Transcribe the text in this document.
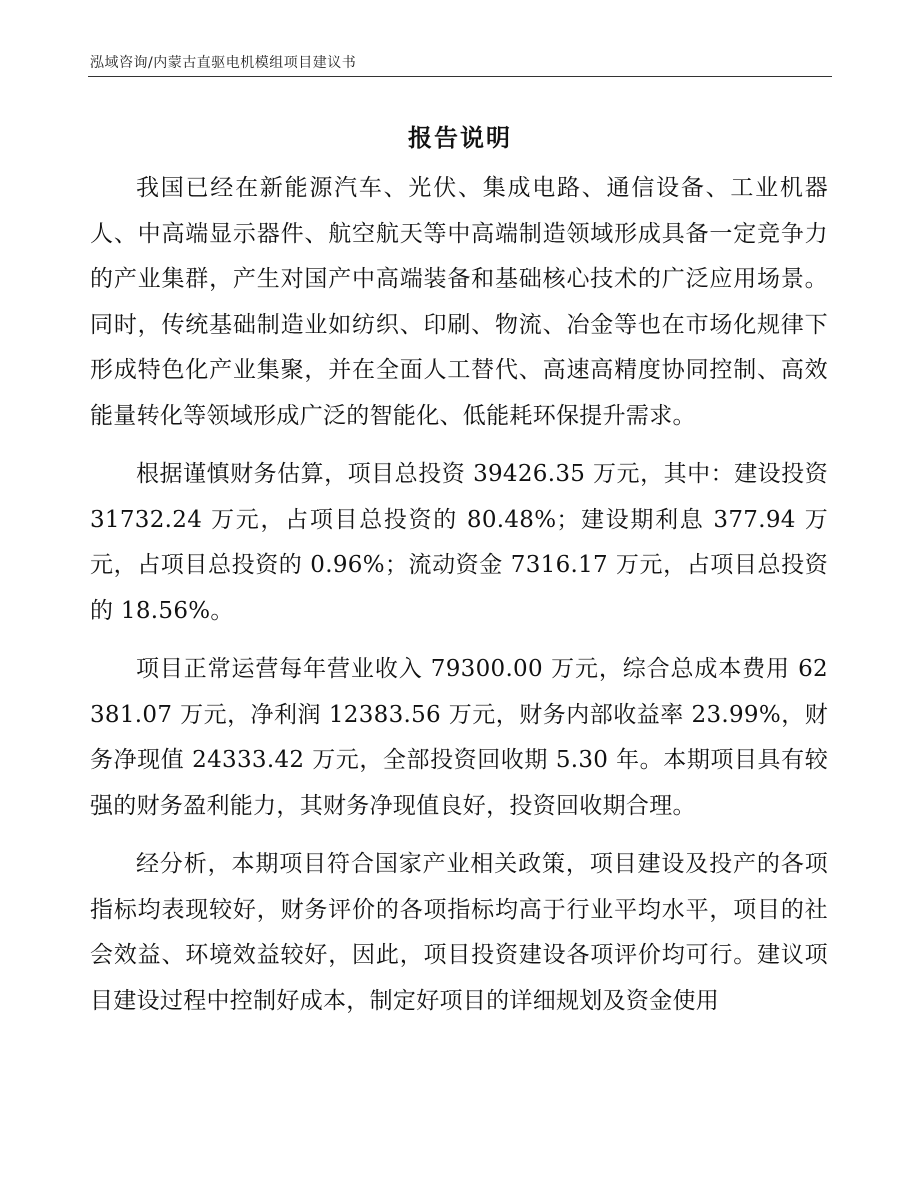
泓域咨询/内蒙古直驱电机模组项目建议书
报告说明

我国已经在新能源汽车、光伏、集成电路、通信设备、工业机器人、中高端显示器件、航空航天等中高端制造领域形成具备一定竞争力的产业集群，产生对国产中高端装备和基础核心技术的广泛应用场景。同时，传统基础制造业如纺织、印刷、物流、冶金等也在市场化规律下形成特色化产业集聚，并在全面人工替代、高速高精度协同控制、高效能量转化等领域形成广泛的智能化、低能耗环保提升需求。

根据谨慎财务估算，项目总投资 39426.35 万元，其中：建设投资 31732.24 万元，占项目总投资的 80.48%；建设期利息 377.94 万元，占项目总投资的 0.96%；流动资金 7316.17 万元，占项目总投资的 18.56%。

项目正常运营每年营业收入 79300.00 万元，综合总成本费用 62381.07 万元，净利润 12383.56 万元，财务内部收益率 23.99%，财务净现值 24333.42 万元，全部投资回收期 5.30 年。本期项目具有较强的财务盈利能力，其财务净现值良好，投资回收期合理。

经分析，本期项目符合国家产业相关政策，项目建设及投产的各项指标均表现较好，财务评价的各项指标均高于行业平均水平，项目的社会效益、环境效益较好，因此，项目投资建设各项评价均可行。建议项目建设过程中控制好成本，制定好项目的详细规划及资金使用
